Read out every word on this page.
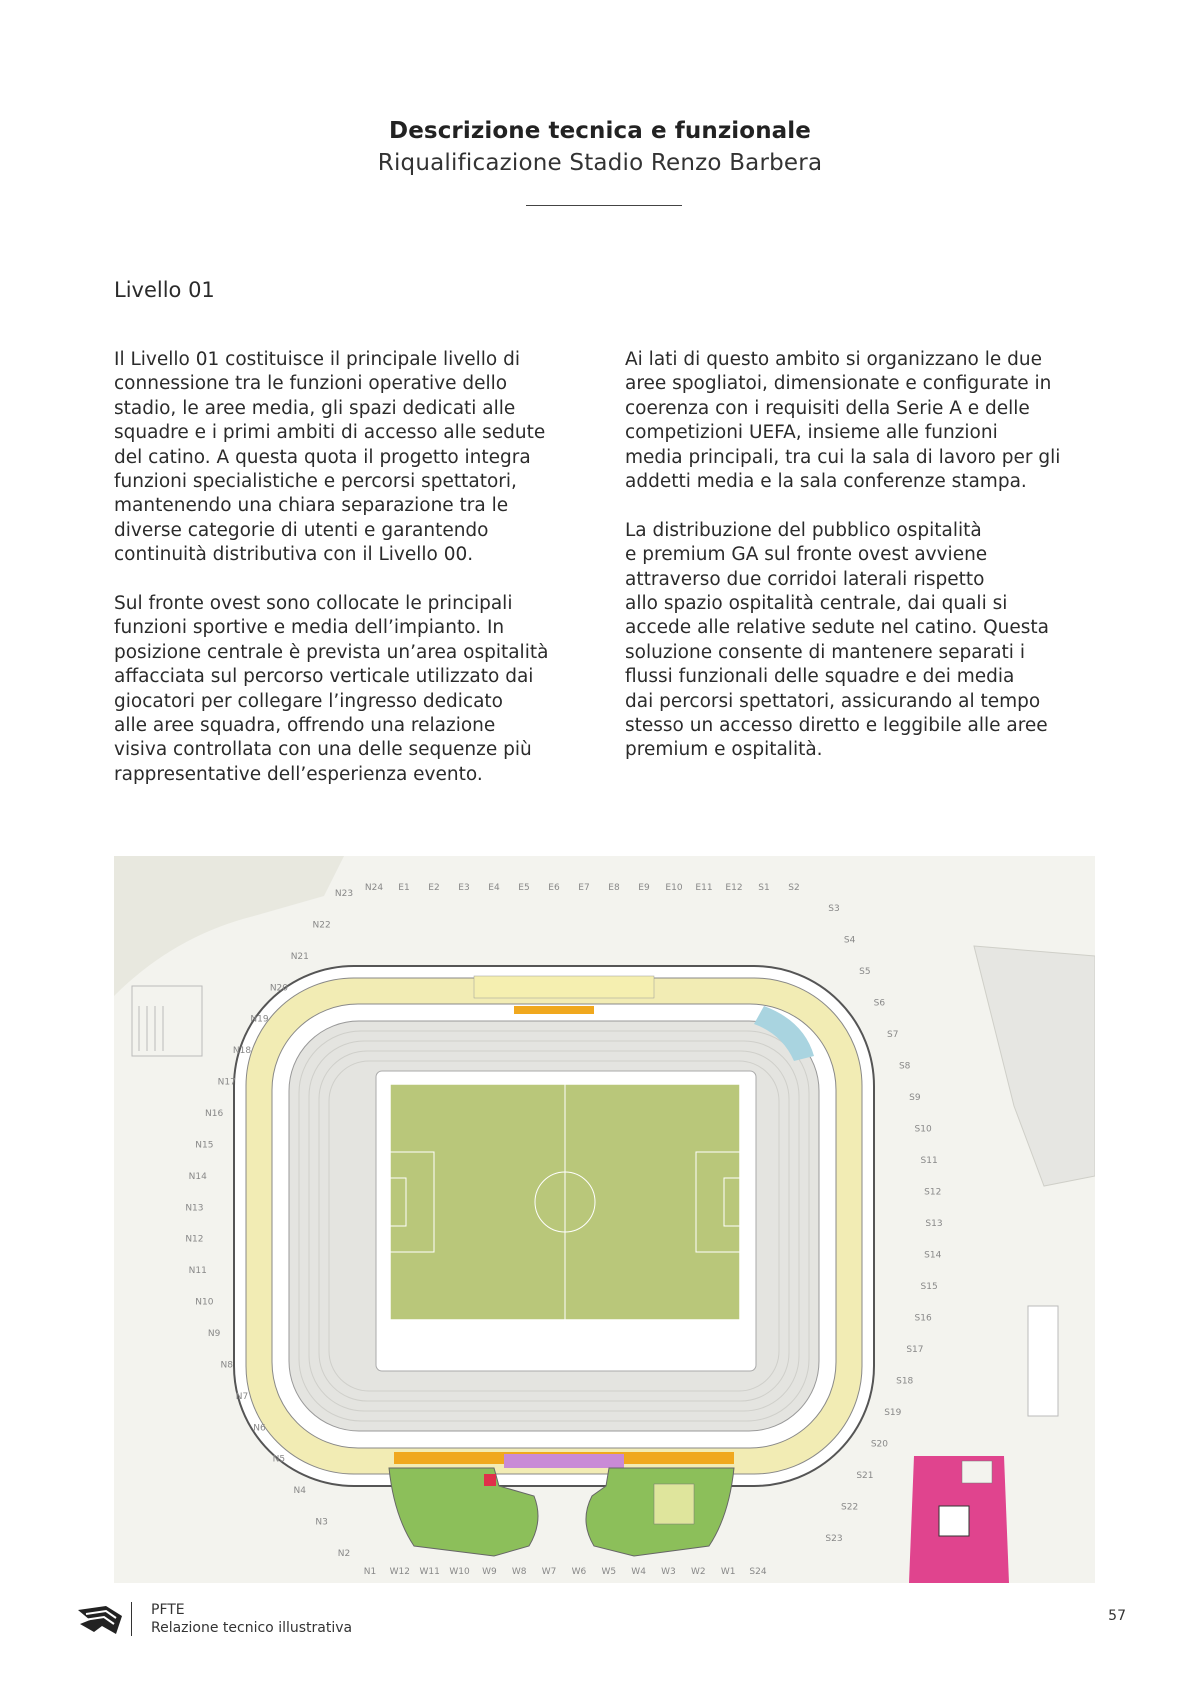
Descrizione tecnica e funzionale
Riqualificazione Stadio Renzo Barbera
Livello 01

Il Livello 01 costituisce il principale livello di
connessione tra le funzioni operative dello
stadio, le aree media, gli spazi dedicati alle
squadre e i primi ambiti di accesso alle sedute
del catino. A questa quota il progetto integra
funzioni specialistiche e percorsi spettatori,
mantenendo una chiara separazione tra le
diverse categorie di utenti e garantendo
continuità distributiva con il Livello 00.

Sul fronte ovest sono collocate le principali
funzioni sportive e media dell’impianto. In
posizione centrale è prevista un’area ospitalità
affacciata sul percorso verticale utilizzato dai
giocatori per collegare l’ingresso dedicato
alle aree squadra, offrendo una relazione
visiva controllata con una delle sequenze più
rappresentative dell’esperienza evento.

Ai lati di questo ambito si organizzano le due
aree spogliatoi, dimensionate e configurate in
coerenza con i requisiti della Serie A e delle
competizioni UEFA, insieme alle funzioni
media principali, tra cui la sala di lavoro per gli
addetti media e la sala conferenze stampa.

La distribuzione del pubblico ospitalità
e premium GA sul fronte ovest avviene
attraverso due corridoi laterali rispetto
allo spazio ospitalità centrale, dai quali si
accede alle relative sedute nel catino. Questa
soluzione consente di mantenere separati i
flussi funzionali delle squadre e dei media
dai percorsi spettatori, assicurando al tempo
stesso un accesso diretto e leggibile alle aree
premium e ospitalità.

N24 E1 E2 E3 E4 E5 E6 E7 E8 E9 E10 E11 E12 S1 S2
N1 W12 W11 W10 W9 W8 W7 W6 W5 W4 W3 W2 W1 S24
N23
N22
N21
N20
N19
N18
N17
N16
N15
N14
N13
N12
N11
N10
N9
N8
N7
N6
N5
N4
N3
N2
S3
S4
S5
S6
S7
S8
S9
S10
S11
S12
S13
S14
S15
S16
S17
S18
S19
S20
S21
S22
S23
PFTE
Relazione tecnico illustrativa
57
